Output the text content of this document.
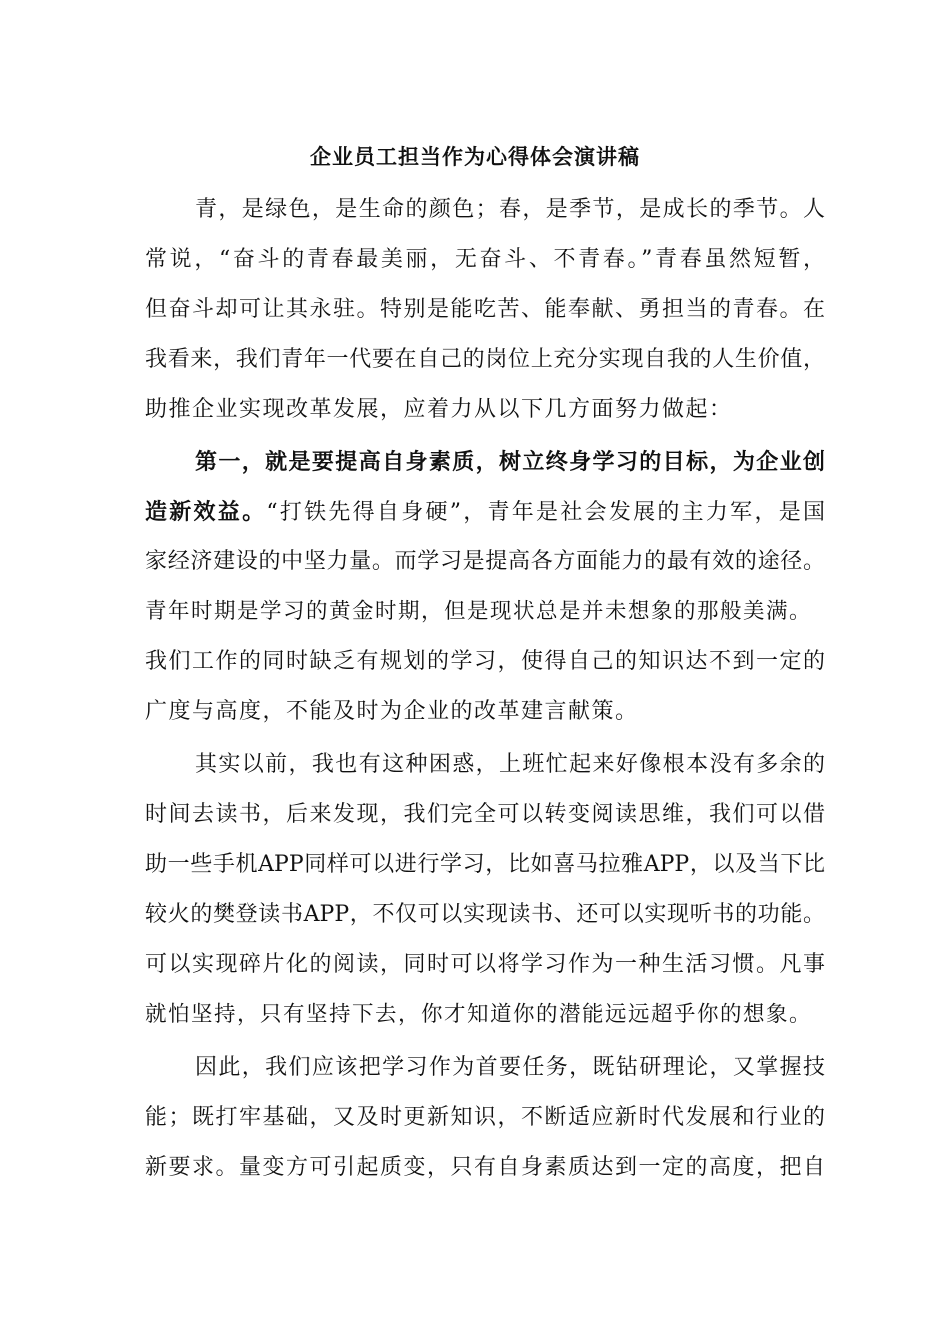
企业员工担当作为心得体会演讲稿
青，是绿色，是生命的颜色；春，是季节，是成长的季节。人
常说，“奋斗的青春最美丽，无奋斗、不青春。”青春虽然短暂，
但奋斗却可让其永驻。特别是能吃苦、能奉献、勇担当的青春。在
我看来，我们青年一代要在自己的岗位上充分实现自我的人生价值，
助推企业实现改革发展，应着力从以下几方面努力做起：
第一，就是要提高自身素质，树立终身学习的目标，为企业创
造新效益。“打铁先得自身硬”，青年是社会发展的主力军，是国
家经济建设的中坚力量。而学习是提高各方面能力的最有效的途径。
青年时期是学习的黄金时期，但是现状总是并未想象的那般美满。
我们工作的同时缺乏有规划的学习，使得自己的知识达不到一定的
广度与高度，不能及时为企业的改革建言献策。
其实以前，我也有这种困惑，上班忙起来好像根本没有多余的
时间去读书，后来发现，我们完全可以转变阅读思维，我们可以借
助一些手机APP同样可以进行学习，比如喜马拉雅APP，以及当下比
较火的樊登读书APP，不仅可以实现读书、还可以实现听书的功能。
可以实现碎片化的阅读，同时可以将学习作为一种生活习惯。凡事
就怕坚持，只有坚持下去，你才知道你的潜能远远超乎你的想象。
因此，我们应该把学习作为首要任务，既钻研理论，又掌握技
能；既打牢基础，又及时更新知识，不断适应新时代发展和行业的
新要求。量变方可引起质变，只有自身素质达到一定的高度，把自
